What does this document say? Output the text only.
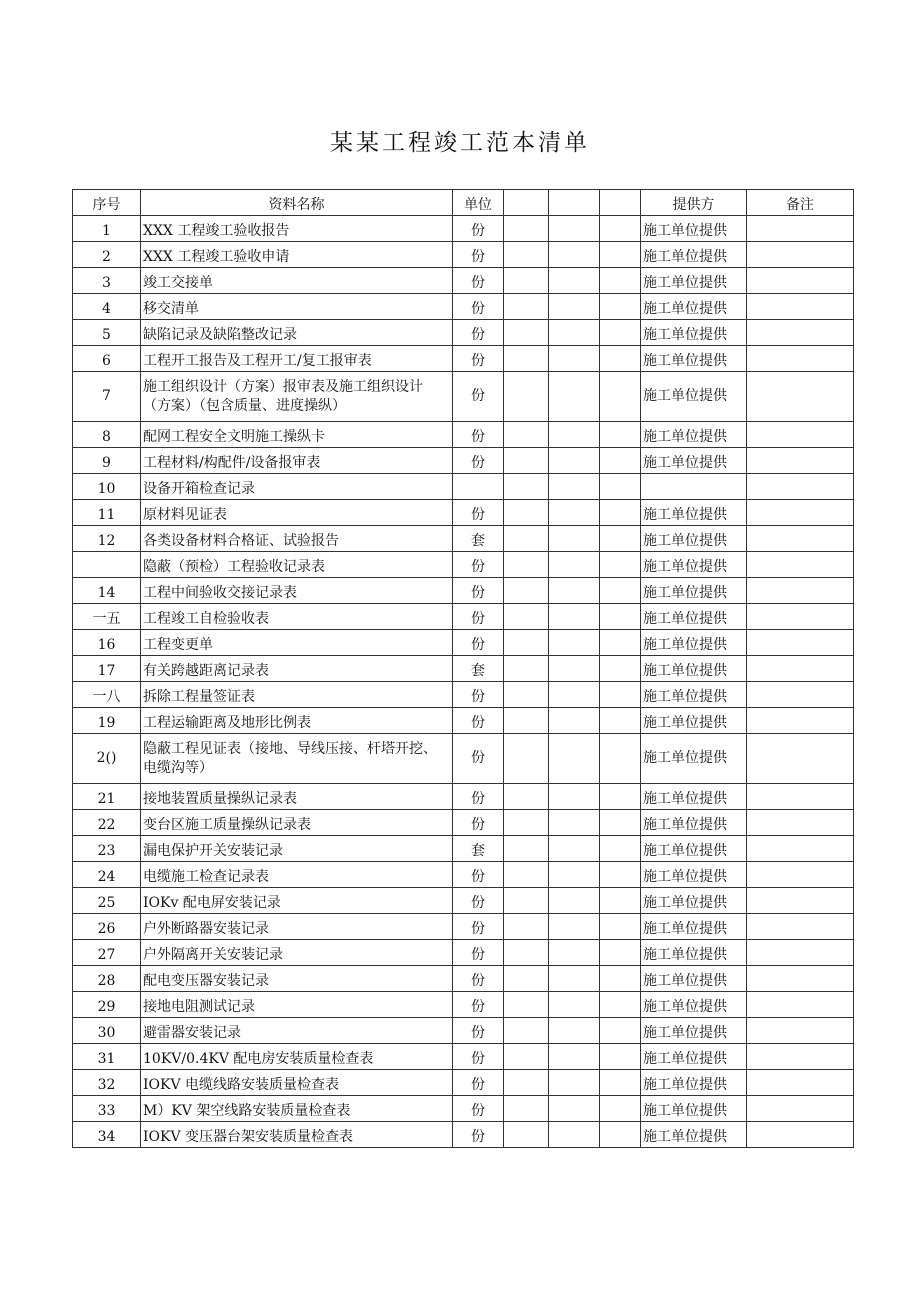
某某工程竣工范本清单
序号	资料名称	单位				提供方	备注
1	XXX 工程竣工验收报告	份				施工单位提供	
2	XXX 工程竣工验收申请	份				施工单位提供	
3	竣工交接单	份				施工单位提供	
4	移交清单	份				施工单位提供	
5	缺陷记录及缺陷整改记录	份				施工单位提供	
6	工程开工报告及工程开工/复工报审表	份				施工单位提供	
7	施工组织设计（方案）报审表及施工组织设计（方案）（包含质量、进度操纵）	份				施工单位提供	
8	配网工程安全文明施工操纵卡	份				施工单位提供	
9	工程材料/构配件/设备报审表	份				施工单位提供	
10	设备开箱检查记录						
11	原材料见证表	份				施工单位提供	
12	各类设备材料合格证、试验报告	套				施工单位提供	
	隐蔽（预检）工程验收记录表	份				施工单位提供	
14	工程中间验收交接记录表	份				施工单位提供	
一五	工程竣工自检验收表	份				施工单位提供	
16	工程变更单	份				施工单位提供	
17	有关跨越距离记录表	套				施工单位提供	
一八	拆除工程量签证表	份				施工单位提供	
19	工程运输距离及地形比例表	份				施工单位提供	
2()	隐蔽工程见证表（接地、导线压接、杆塔开挖、电缆沟等）	份				施工单位提供	
21	接地装置质量操纵记录表	份				施工单位提供	
22	变台区施工质量操纵记录表	份				施工单位提供	
23	漏电保护开关安装记录	套				施工单位提供	
24	电缆施工检查记录表	份				施工单位提供	
25	IOKv 配电屏安装记录	份				施工单位提供	
26	户外断路器安装记录	份				施工单位提供	
27	户外隔离开关安装记录	份				施工单位提供	
28	配电变压器安装记录	份				施工单位提供	
29	接地电阻测试记录	份				施工单位提供	
30	避雷器安装记录	份				施工单位提供	
31	10KV/0.4KV 配电房安装质量检查表	份				施工单位提供	
32	IOKV 电缆线路安装质量检查表	份				施工单位提供	
33	M）KV 架空线路安装质量检查表	份				施工单位提供	
34	IOKV 变压器台架安装质量检查表	份				施工单位提供	
